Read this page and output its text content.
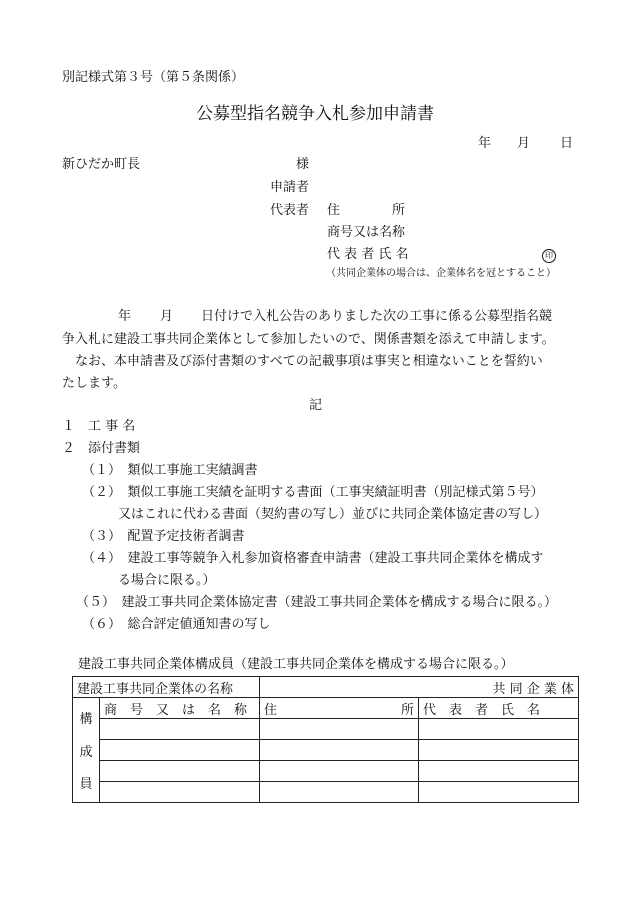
別記様式第３号（第５条関係）
公募型指名競争入札参加申請書
年 月 日
新ひだか町長	様
申請者
代表者 住	所
商号又は名称
代 表 者 氏 名	印
（共同企業体の場合は、企業体名を冠とすること）
年 月 日付けで入札公告のありました次の工事に係る公募型指名競
争入札に建設工事共同企業体として参加したいので、関係書類を添えて申請します。
なお、本申請書及び添付書類のすべての記載事項は事実と相違ないことを誓約い
たします。
記
１　工 事 名
２　添付書類
（１）　類似工事施工実績調書
（２）　類似工事施工実績を証明する書面（工事実績証明書（別記様式第５号）
又はこれに代わる書面（契約書の写し）並びに共同企業体協定書の写し）
（３）　配置予定技術者調書
（４）　建設工事等競争入札参加資格審査申請書（建設工事共同企業体を構成す
る場合に限る。）
（５）　建設工事共同企業体協定書（建設工事共同企業体を構成する場合に限る。）
（６）　総合評定値通知書の写し
建設工事共同企業体構成員（建設工事共同企業体を構成する場合に限る。）
建設工事共同企業体の名称		共 同 企 業 体	

構
成
員	商　号　又　は　名　称	住 所	代　表　者　氏　名
